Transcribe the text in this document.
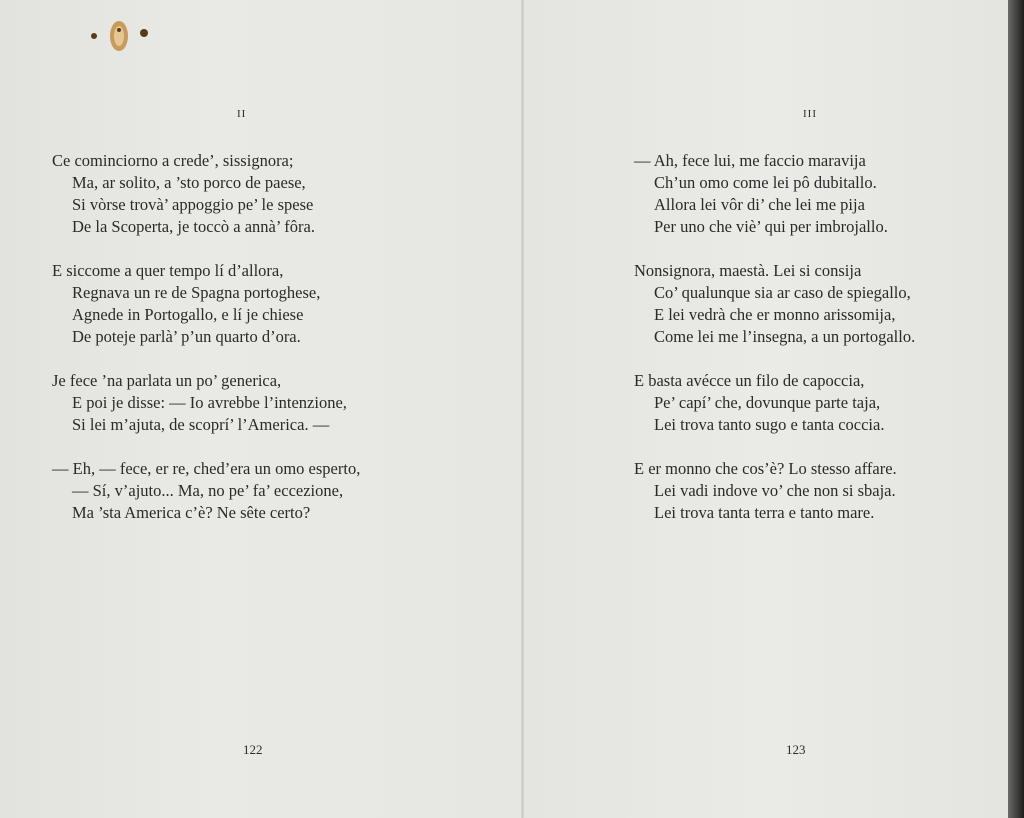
II
Ce cominciorno a crede’, sissignora;
Ma, ar solito, a ’sto porco de paese,
Si vòrse trovà’ appoggio pe’ le spese
De la Scoperta, je toccò a annà’ fôra.
E siccome a quer tempo lí d’allora,
Regnava un re de Spagna portoghese,
Agnede in Portogallo, e lí je chiese
De poteje parlà’ p’un quarto d’ora.
Je fece ’na parlata un po’ generica,
E poi je disse: — Io avrebbe l’intenzione,
Si lei m’ajuta, de scoprí’ l’America. —
— Eh, — fece, er re, ched’era un omo esperto,
— Sí, v’ajuto... Ma, no pe’ fa’ eccezione,
Ma ’sta America c’è? Ne sête certo?
122
III
— Ah, fece lui, me faccio maravija
Ch’un omo come lei pô dubitallo.
Allora lei vôr di’ che lei me pija
Per uno che viè’ qui per imbrojallo.
Nonsignora, maestà. Lei si consija
Co’ qualunque sia ar caso de spiegallo,
E lei vedrà che er monno arissomija,
Come lei me l’insegna, a un portogallo.
E basta avécce un filo de capoccia,
Pe’ capí’ che, dovunque parte taja,
Lei trova tanto sugo e tanta coccia.
E er monno che cos’è? Lo stesso affare.
Lei vadi indove vo’ che non si sbaja.
Lei trova tanta terra e tanto mare.
123
